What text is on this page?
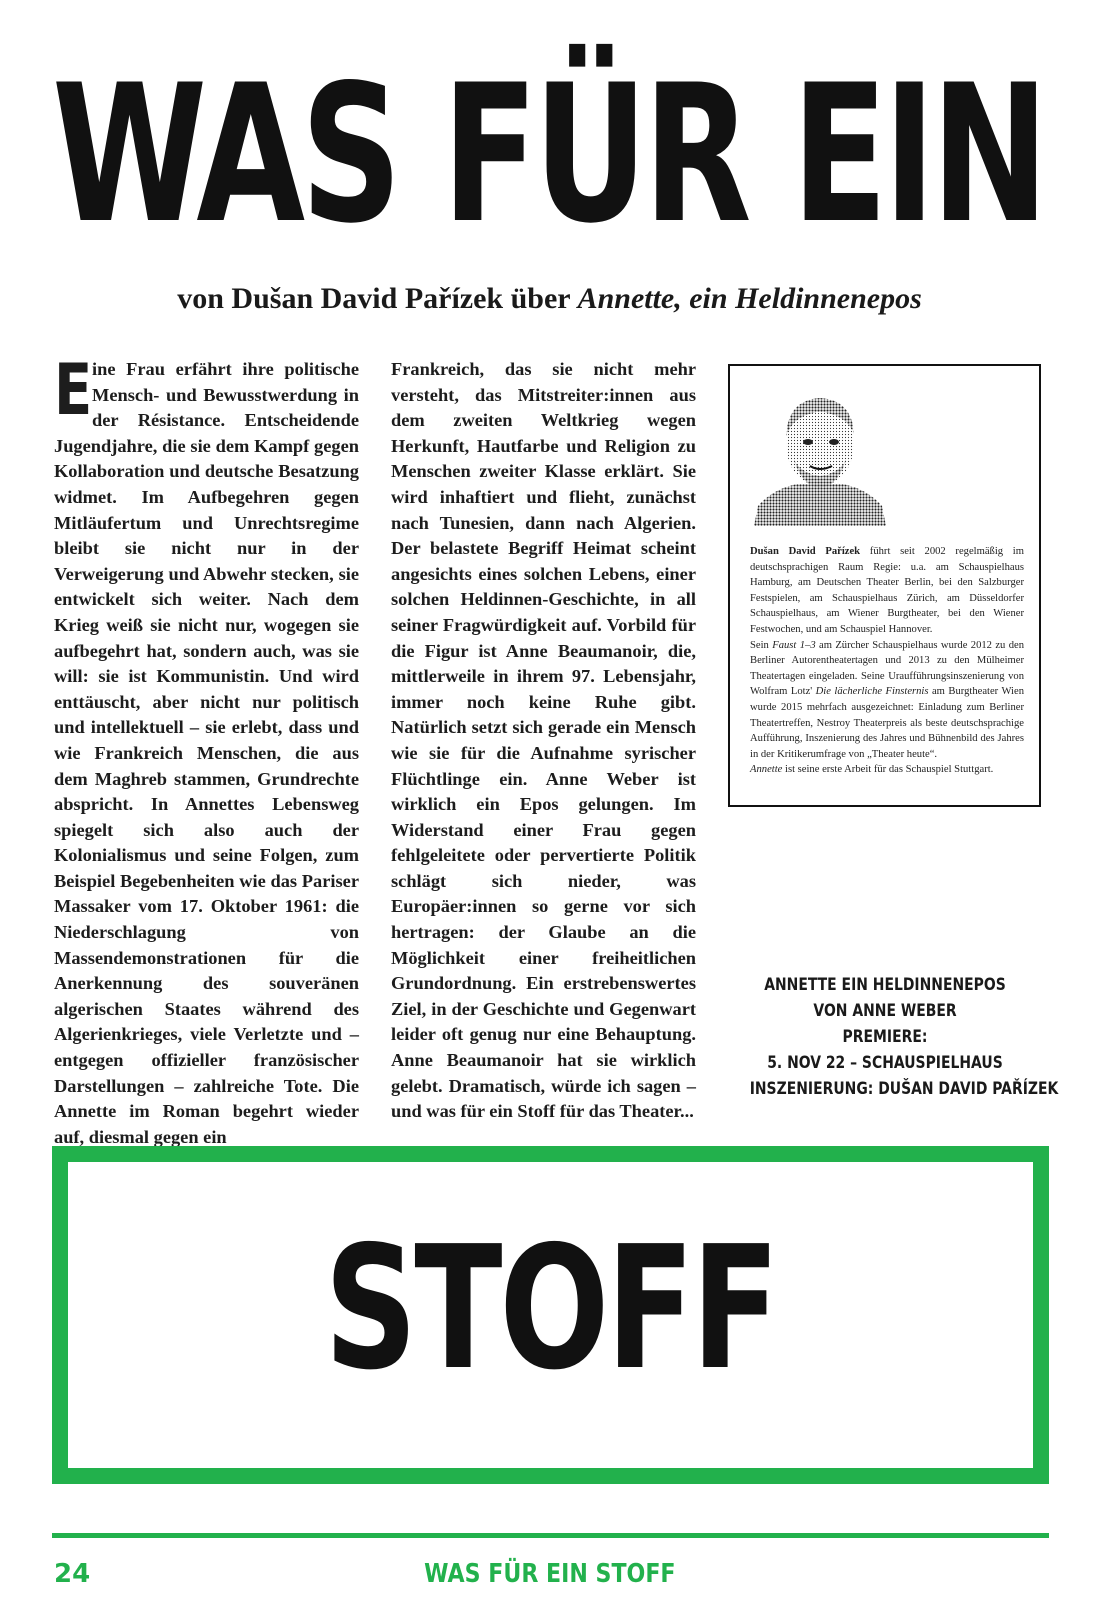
WAS FÜR EIN
von Dušan David Pařízek über Annette, ein Heldinnenepos
E ine Frau erfährt ihre politische Mensch- und Bewusstwerdung in der Résistance. Entscheidende Jugendjahre, die sie dem Kampf gegen Kollaboration und deutsche Besatzung widmet. Im Aufbegehren gegen Mitläufertum und Unrechtsregime bleibt sie nicht nur in der Verweigerung und Abwehr stecken, sie entwickelt sich weiter. Nach dem Krieg weiß sie nicht nur, wogegen sie aufbegehrt hat, sondern auch, was sie will: sie ist Kommunistin. Und wird enttäuscht, aber nicht nur politisch und intellektuell – sie erlebt, dass und wie Frankreich Menschen, die aus dem Maghreb stammen, Grundrechte abspricht. In Annettes Lebensweg spiegelt sich also auch der Kolonialismus und seine Folgen, zum Beispiel Begebenheiten wie das Pariser Massaker vom 17. Oktober 1961: die Niederschlagung von Massendemonstrationen für die Anerkennung des souveränen algerischen Staates während des Algerienkrieges, viele Verletzte und – entgegen offizieller französischer Darstellungen – zahlreiche Tote. Die Annette im Roman begehrt wieder auf, diesmal gegen ein
Frankreich, das sie nicht mehr versteht, das Mitstreiter:innen aus dem zweiten Weltkrieg wegen Herkunft, Hautfarbe und Religion zu Menschen zweiter Klasse erklärt. Sie wird inhaftiert und flieht, zunächst nach Tunesien, dann nach Algerien. Der belastete Begriff Heimat scheint angesichts eines solchen Lebens, einer solchen Heldinnen-Geschichte, in all seiner Fragwürdigkeit auf. Vorbild für die Figur ist Anne Beaumanoir, die, mittlerweile in ihrem 97. Lebensjahr, immer noch keine Ruhe gibt. Natürlich setzt sich gerade ein Mensch wie sie für die Aufnahme syrischer Flüchtlinge ein. Anne Weber ist wirklich ein Epos gelungen. Im Widerstand einer Frau gegen fehlgeleitete oder pervertierte Politik schlägt sich nieder, was Europäer:innen so gerne vor sich hertragen: der Glaube an die Möglichkeit einer freiheitlichen Grundordnung. Ein erstrebenswertes Ziel, in der Geschichte und Gegenwart leider oft genug nur eine Behauptung. Anne Beaumanoir hat sie wirklich gelebt. Dramatisch, würde ich sagen – und was für ein Stoff für das Theater...
Dušan David Pařízek führt seit 2002 regelmäßig im deutschsprachigen Raum Regie: u.a. am Schauspielhaus Hamburg, am Deutschen Theater Berlin, bei den Salzburger Festspielen, am Schauspielhaus Zürich, am Düsseldorfer Schauspielhaus, am Wiener Burgtheater, bei den Wiener Festwochen, und am Schauspiel Hannover.
Sein Faust 1–3 am Zürcher Schauspielhaus wurde 2012 zu den Berliner Autorentheatertagen und 2013 zu den Mülheimer Theatertagen eingeladen. Seine Uraufführungsinszenierung von Wolfram Lotz' Die lächerliche Finsternis am Burgtheater Wien wurde 2015 mehrfach ausgezeichnet: Einladung zum Berliner Theatertreffen, Nestroy Theaterpreis als beste deutschsprachige Aufführung, Inszenierung des Jahres und Bühnenbild des Jahres in der Kritikerumfrage von „Theater heute“.
Annette ist seine erste Arbeit für das Schauspiel Stuttgart.
ANNETTE EIN HELDINNENEPOS
VON ANNE WEBER
PREMIERE:
5. NOV 22 – SCHAUSPIELHAUS
INSZENIERUNG: DUŠAN DAVID PAŘÍZEK
STOFF
24	WAS FÜR EIN STOFF
